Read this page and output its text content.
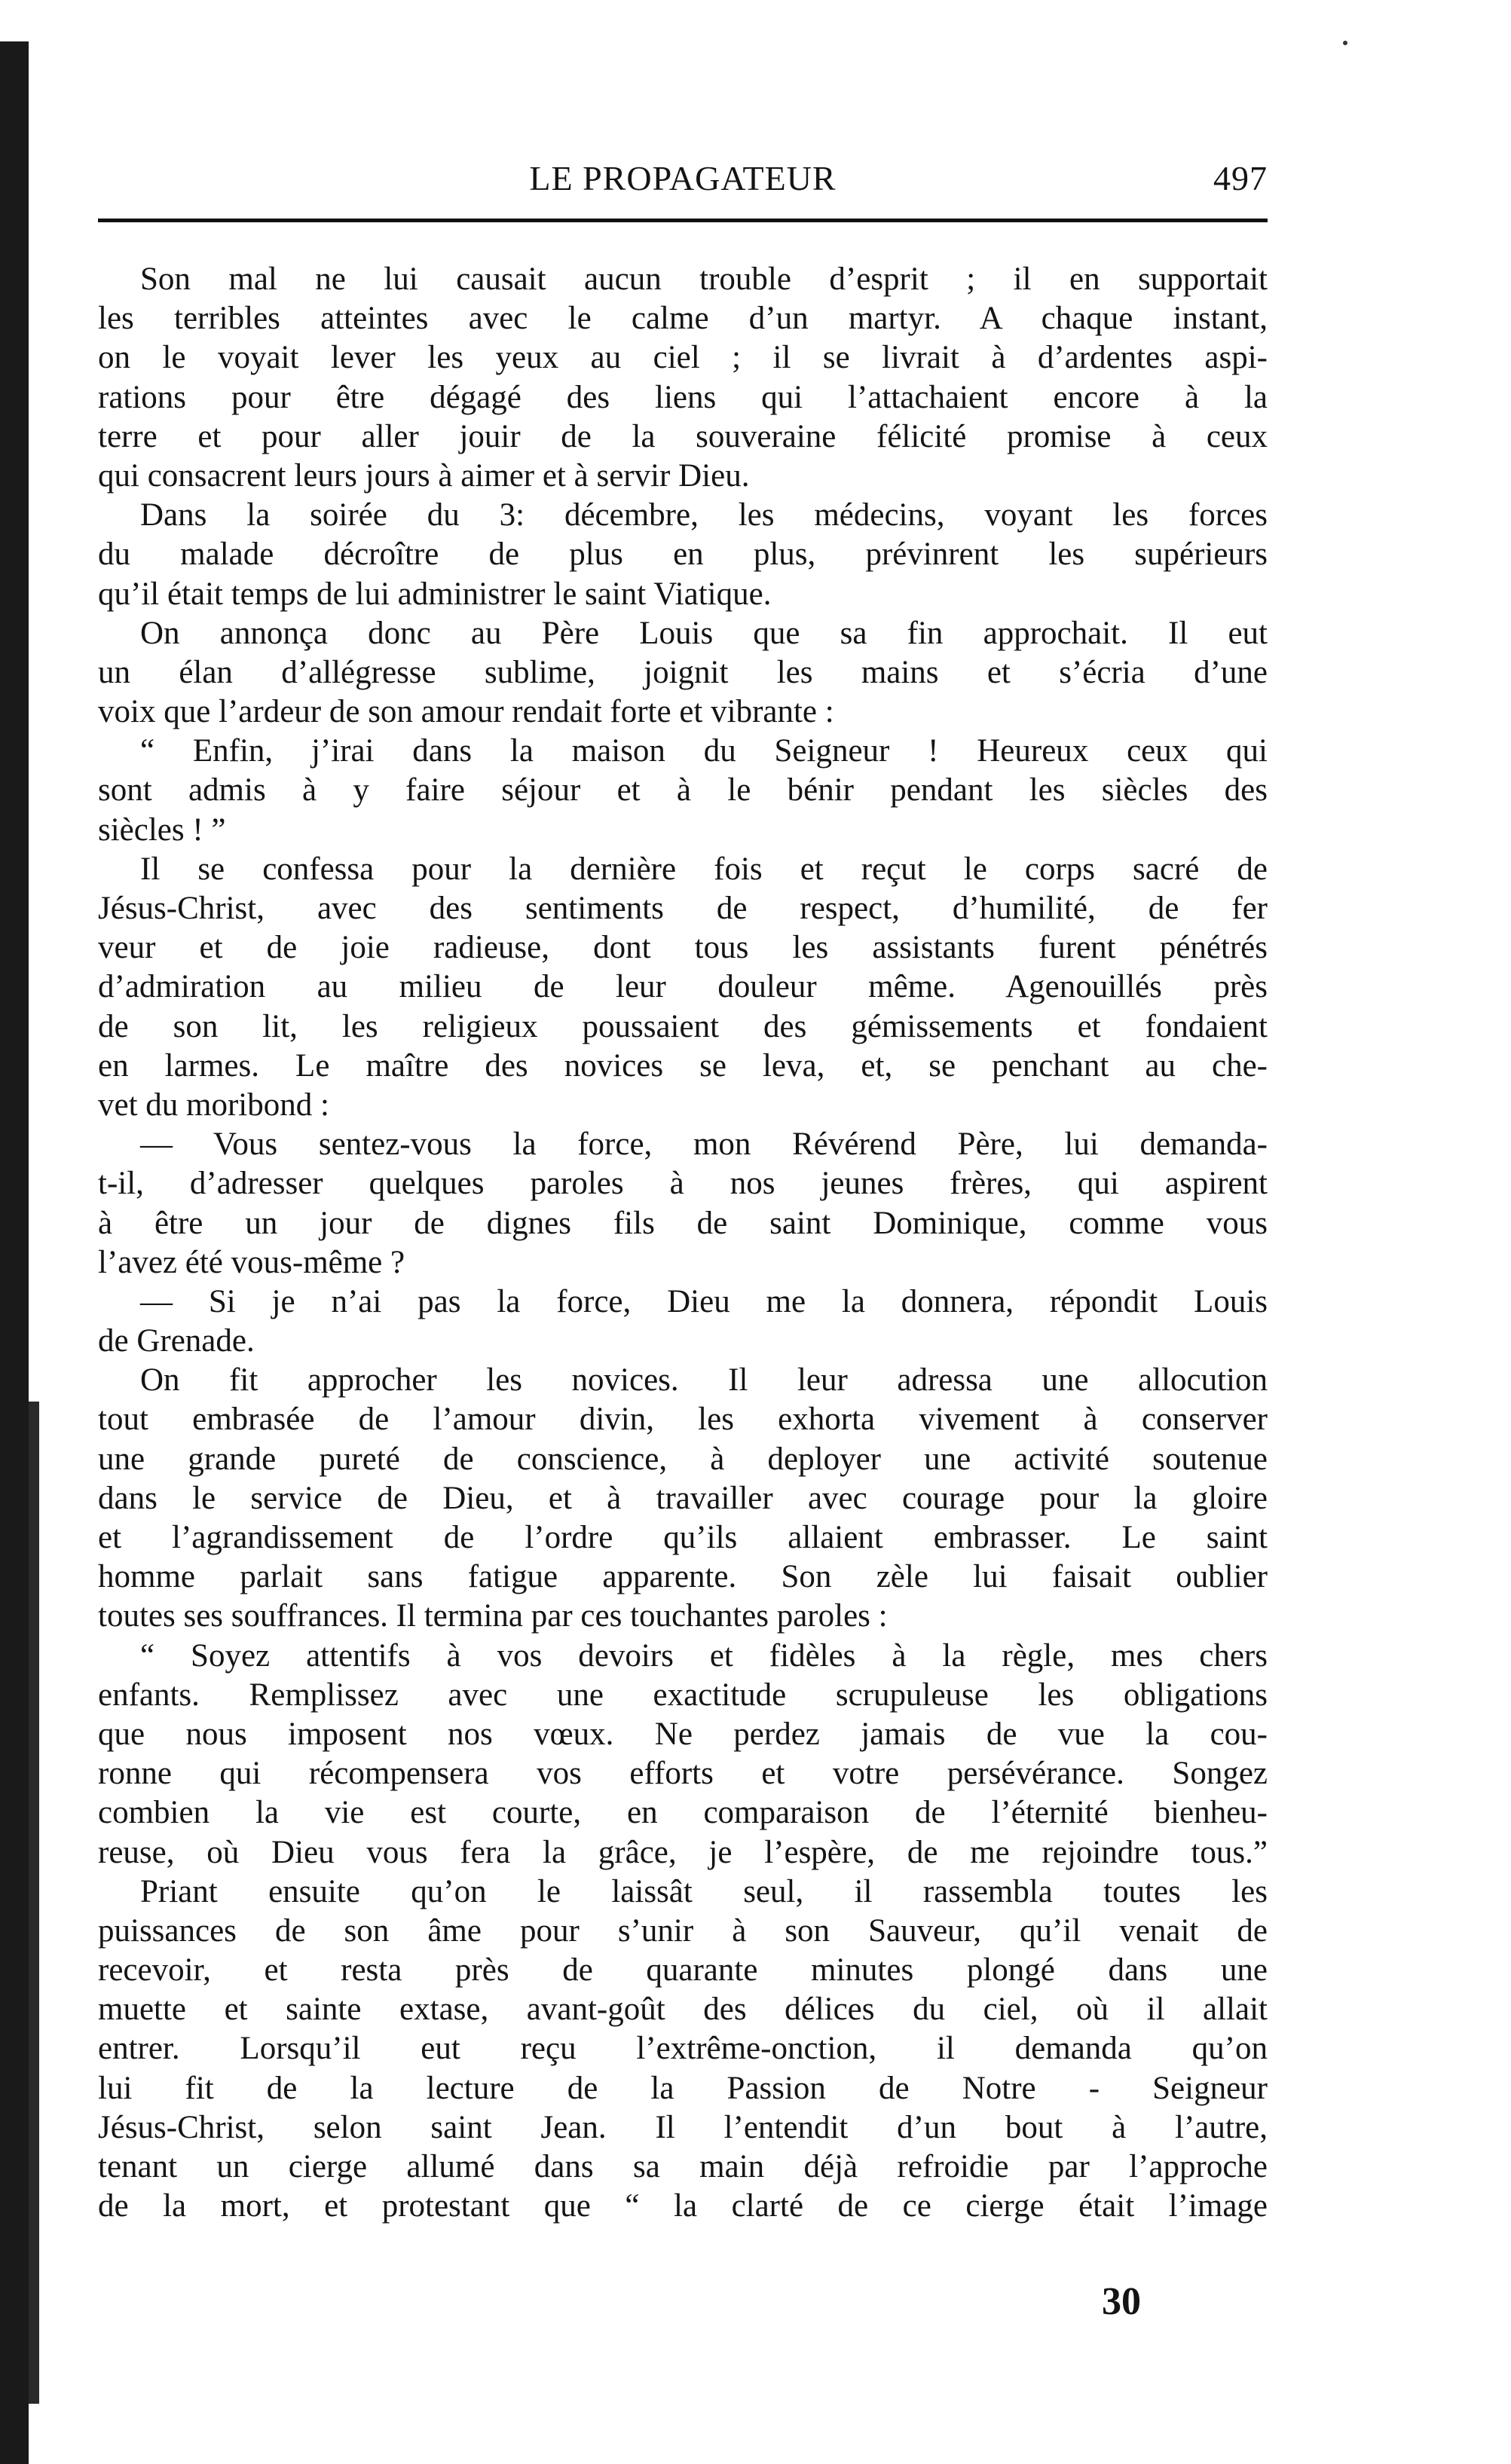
LE PROPAGATEUR	497
Son mal ne lui causait aucun trouble d’esprit ; il en supportait
les terribles atteintes avec le calme d’un martyr. A chaque instant,
on le voyait lever les yeux au ciel ; il se livrait à d’ardentes aspi-
rations pour être dégagé des liens qui l’attachaient encore à la
terre et pour aller jouir de la souveraine félicité promise à ceux
qui consacrent leurs jours à aimer et à servir Dieu.
Dans la soirée du 3: décembre, les médecins, voyant les forces
du malade décroître de plus en plus, prévinrent les supérieurs
qu’il était temps de lui administrer le saint Viatique.
On annonça donc au Père Louis que sa fin approchait. Il eut
un élan d’allégresse sublime, joignit les mains et s’écria d’une
voix que l’ardeur de son amour rendait forte et vibrante :
“ Enfin, j’irai dans la maison du Seigneur ! Heureux ceux qui
sont admis à y faire séjour et à le bénir pendant les siècles des
siècles ! ”
Il se confessa pour la dernière fois et reçut le corps sacré de
Jésus-Christ, avec des sentiments de respect, d’humilité, de fer
veur et de joie radieuse, dont tous les assistants furent pénétrés
d’admiration au milieu de leur douleur même. Agenouillés près
de son lit, les religieux poussaient des gémissements et fondaient
en larmes. Le maître des novices se leva, et, se penchant au che-
vet du moribond :
— Vous sentez-vous la force, mon Révérend Père, lui demanda-
t-il, d’adresser quelques paroles à nos jeunes frères, qui aspirent
à être un jour de dignes fils de saint Dominique, comme vous
l’avez été vous-même ?
— Si je n’ai pas la force, Dieu me la donnera, répondit Louis
de Grenade.
On fit approcher les novices. Il leur adressa une allocution
tout embrasée de l’amour divin, les exhorta vivement à conserver
une grande pureté de conscience, à deployer une activité soutenue
dans le service de Dieu, et à travailler avec courage pour la gloire
et l’agrandissement de l’ordre qu’ils allaient embrasser. Le saint
homme parlait sans fatigue apparente. Son zèle lui faisait oublier
toutes ses souffrances. Il termina par ces touchantes paroles :
“ Soyez attentifs à vos devoirs et fidèles à la règle, mes chers
enfants. Remplissez avec une exactitude scrupuleuse les obligations
que nous imposent nos vœux. Ne perdez jamais de vue la cou-
ronne qui récompensera vos efforts et votre persévérance. Songez
combien la vie est courte, en comparaison de l’éternité bienheu-
reuse, où Dieu vous fera la grâce, je l’espère, de me rejoindre tous.”
Priant ensuite qu’on le laissât seul, il rassembla toutes les
puissances de son âme pour s’unir à son Sauveur, qu’il venait de
recevoir, et resta près de quarante minutes plongé dans une
muette et sainte extase, avant-goût des délices du ciel, où il allait
entrer. Lorsqu’il eut reçu l’extrême-onction, il demanda qu’on
lui fit de la lecture de la Passion de Notre - Seigneur
Jésus-Christ, selon saint Jean. Il l’entendit d’un bout à l’autre,
tenant un cierge allumé dans sa main déjà refroidie par l’approche
de la mort, et protestant que “ la clarté de ce cierge était l’image
30
